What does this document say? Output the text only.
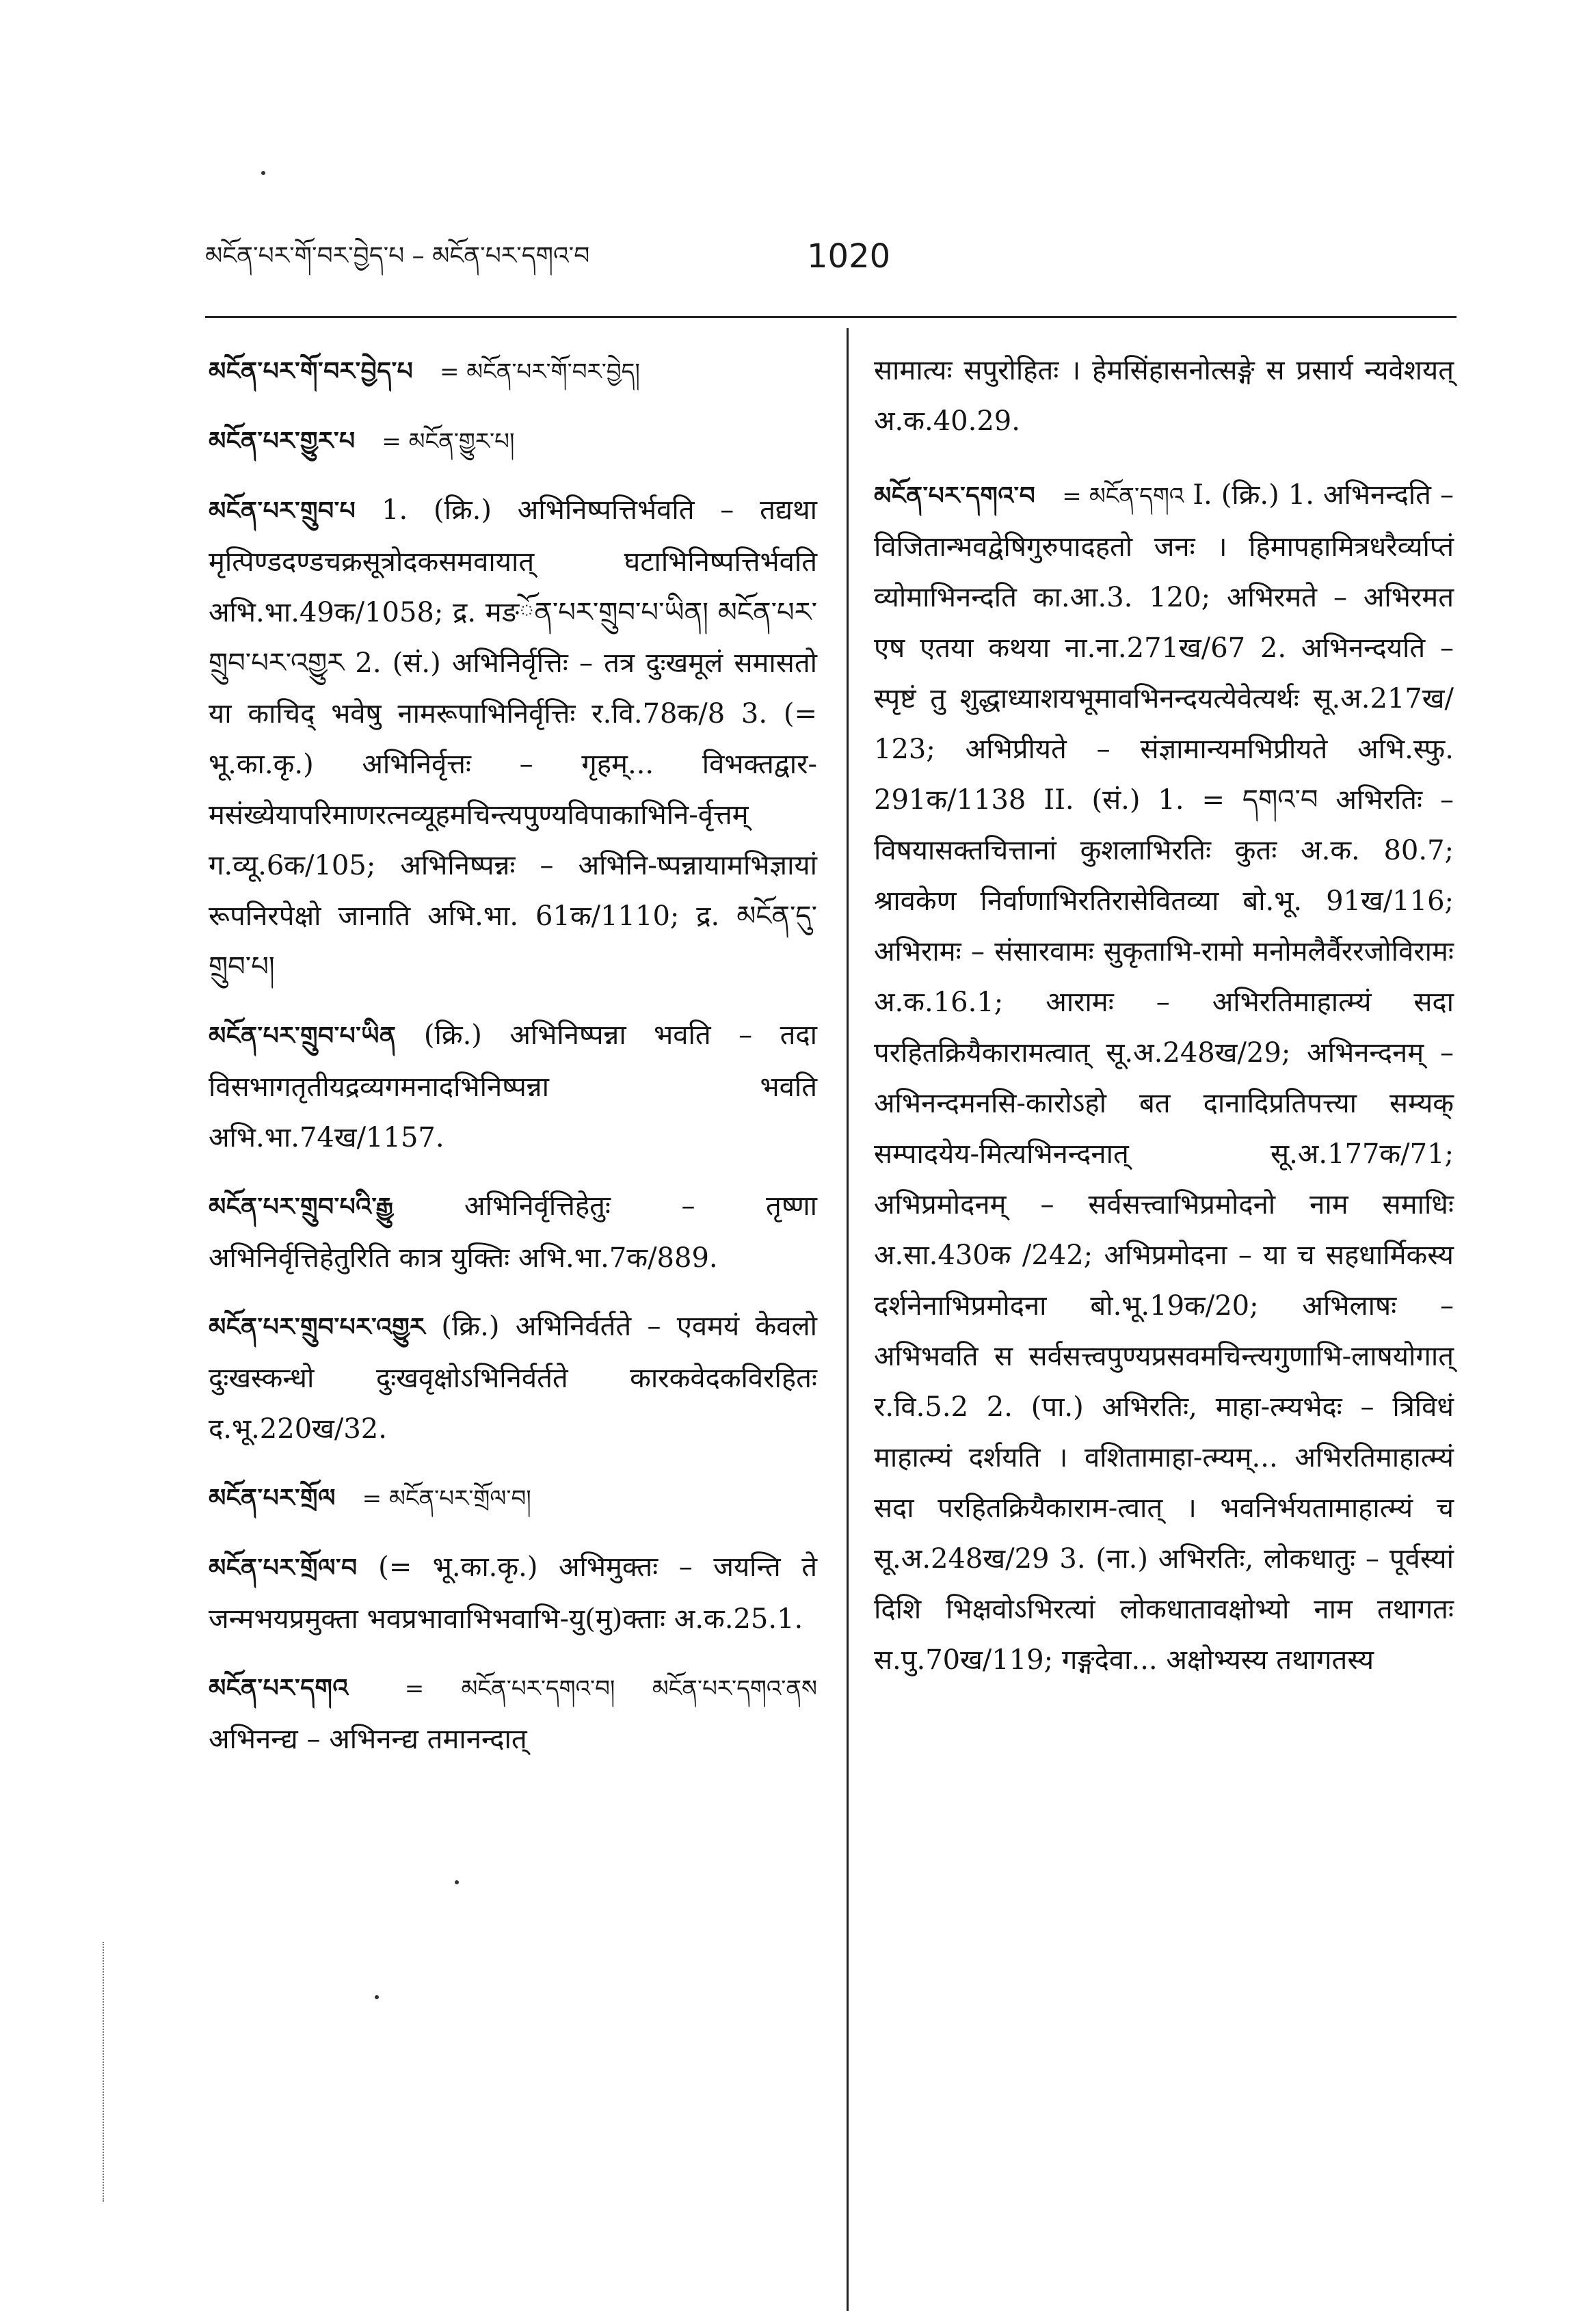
མངོན་པར་གོ་བར་བྱེད་པ – མངོན་པར་དགའ་བ	1020
མངོན་པར་གོ་བར་བྱེད་པ = མངོན་པར་གོ་བར་བྱེད།
མངོན་པར་གྱུར་པ = མངོན་གྱུར་པ།
མངོན་པར་གྲུབ་པ 1. (क्रि.) अभिनिष्पत्तिर्भवति – तद्यथा मृत्पिण्डदण्डचक्रसूत्रोदकसमवायात् घटाभिनिष्पत्तिर्भवति अभि.भा.49क/1058; द्र. मङོན་པར་གྲུབ་པ་ཡིན། མངོན་པར་གྲུབ་པར་འགྱུར 2. (सं.) अभिनिर्वृत्तिः – तत्र दुःखमूलं समासतो या काचिद् भवेषु नामरूपाभिनिर्वृत्तिः र.वि.78क/8 3. (= भू.का.कृ.) अभिनिर्वृत्तः – गृहम्... विभक्तद्वार-मसंख्येयापरिमाणरत्नव्यूहमचिन्त्यपुण्यविपाकाभिनि-र्वृत्तम् ग.व्यू.6क/105; अभिनिष्पन्नः – अभिनि-ष्पन्नायामभिज्ञायां रूपनिरपेक्षो जानाति अभि.भा. 61क/1110; द्र. མངོན་དུ་གྲུབ་པ།
མངོན་པར་གྲུབ་པ་ཡིན (क्रि.) अभिनिष्पन्ना भवति – तदा विसभागतृतीयद्रव्यगमनादभिनिष्पन्ना भवति अभि.भा.74ख/1157.
མངོན་པར་གྲུབ་པའི་རྒྱུ	अभिनिर्वृत्तिहेतुः – तृष्णा अभिनिर्वृत्तिहेतुरिति कात्र युक्तिः अभि.भा.7क/889.
མངོན་པར་གྲུབ་པར་འགྱུར (क्रि.) अभिनिर्वर्तते – एवमयं केवलो दुःखस्कन्धो दुःखवृक्षोऽभिनिर्वर्तते कारकवेदकविरहितः द.भू.220ख/32.
མངོན་པར་གྲོལ = མངོན་པར་གྲོལ་བ།
མངོན་པར་གྲོལ་བ (= भू.का.कृ.) अभिमुक्तः – जयन्ति ते जन्मभयप्रमुक्ता भवप्रभावाभिभवाभि-यु(मु)क्ताः अ.क.25.1.
མངོན་པར་དགའ = མངོན་པར་དགའ་བ། མངོན་པར་དགའ་ནས अभिनन्द्य – अभिनन्द्य तमानन्दात्
सामात्यः सपुरोहितः । हेमसिंहासनोत्सङ्गे स प्रसार्य न्यवेशयत् अ.क.40.29.
མངོན་པར་དགའ་བ = མངོན་དགའ I. (क्रि.) 1. अभिनन्दति – विजितान्भवद्वेषिगुरुपादहतो जनः । हिमापहामित्रधरैर्व्याप्तं व्योमाभिनन्दति का.आ.3. 120; अभिरमते – अभिरमत एष एतया कथया ना.ना.271ख/67 2. अभिनन्दयति – स्पृष्टं तु शुद्धाध्याशयभूमावभिनन्दयत्येवेत्यर्थः सू.अ.217ख/ 123; अभिप्रीयते – संज्ञामान्यमभिप्रीयते अभि.स्फु. 291क/1138 II. (सं.) 1. = དགའ་བ अभिरतिः – विषयासक्तचित्तानां कुशलाभिरतिः कुतः अ.क. 80.7; श्रावकेण निर्वाणाभिरतिरासेवितव्या बो.भू. 91ख/116; अभिरामः – संसारवामः सुकृताभि-रामो मनोमलैर्वैररजोविरामः अ.क.16.1; आरामः – अभिरतिमाहात्म्यं सदा परहितक्रियैकारामत्वात् सू.अ.248ख/29; अभिनन्दनम् – अभिनन्दमनसि-कारोऽहो बत दानादिप्रतिपत्त्या सम्यक् सम्पादयेय-मित्यभिनन्दनात् सू.अ.177क/71; अभिप्रमोदनम् – सर्वसत्त्वाभिप्रमोदनो नाम समाधिः अ.सा.430क /242; अभिप्रमोदना – या च सहधार्मिकस्य दर्शनेनाभिप्रमोदना बो.भू.19क/20; अभिलाषः – अभिभवति स सर्वसत्त्वपुण्यप्रसवमचिन्त्यगुणाभि-लाषयोगात् र.वि.5.2 2. (पा.) अभिरतिः, माहा-त्म्यभेदः – त्रिविधं माहात्म्यं दर्शयति । वशितामाहा-त्म्यम्... अभिरतिमाहात्म्यं सदा परहितक्रियैकाराम-त्वात् । भवनिर्भयतामाहात्म्यं च सू.अ.248ख/29 3. (ना.) अभिरतिः, लोकधातुः – पूर्वस्यां दिशि भिक्षवोऽभिरत्यां लोकधातावक्षोभ्यो नाम तथागतः स.पु.70ख/119; गङ्गदेवा... अक्षोभ्यस्य तथागतस्य
